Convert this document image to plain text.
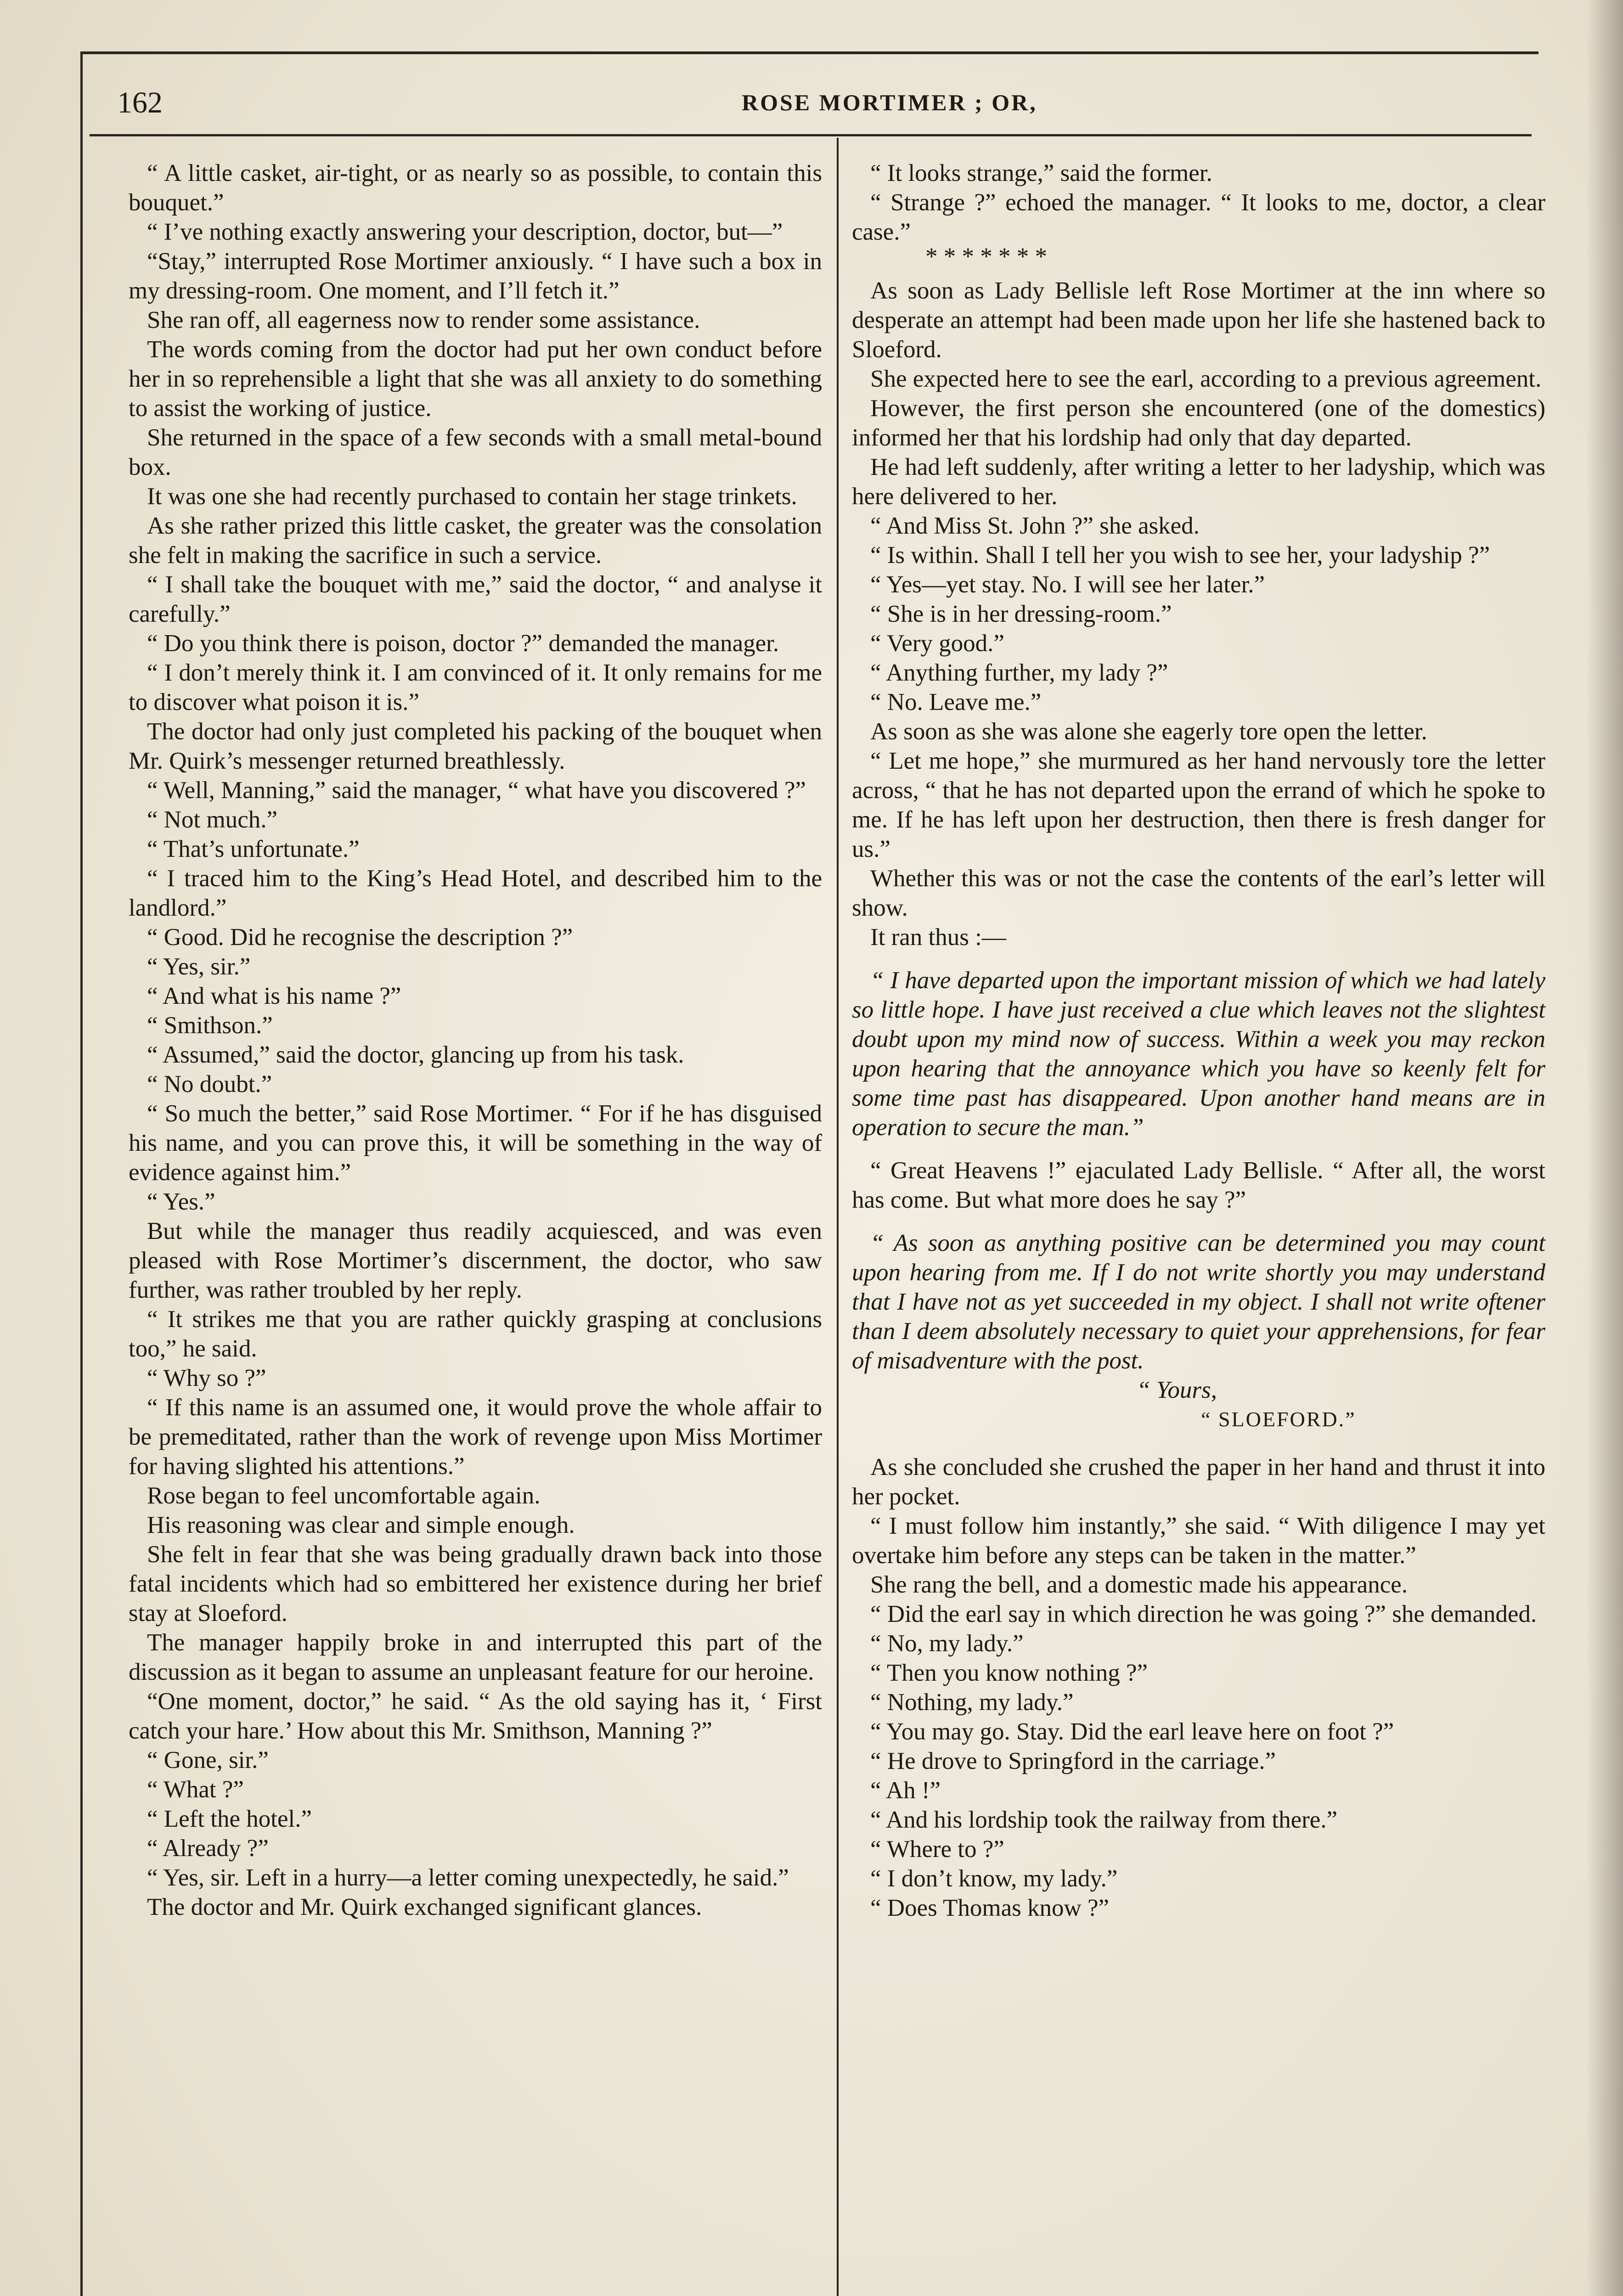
162	ROSE MORTIMER ; OR,

“ A little casket, air-tight, or as nearly so as possible, to contain this bouquet.”

“ I’ve nothing exactly answering your description, doctor, but—”

“Stay,” interrupted Rose Mortimer anxiously. “ I have such a box in my dressing-room. One moment, and I’ll fetch it.”

She ran off, all eagerness now to render some assistance.

The words coming from the doctor had put her own conduct before her in so reprehensible a light that she was all anxiety to do something to assist the working of justice.

She returned in the space of a few seconds with a small metal-bound box.

It was one she had recently purchased to contain her stage trinkets.

As she rather prized this little casket, the greater was the consolation she felt in making the sacrifice in such a service.

“ I shall take the bouquet with me,” said the doctor, “ and analyse it carefully.”

“ Do you think there is poison, doctor ?” demanded the manager.

“ I don’t merely think it. I am convinced of it. It only remains for me to discover what poison it is.”

The doctor had only just completed his packing of the bouquet when Mr. Quirk’s messenger returned breathlessly.

“ Well, Manning,” said the manager, “ what have you discovered ?”

“ Not much.”

“ That’s unfortunate.”

“ I traced him to the King’s Head Hotel, and described him to the landlord.”

“ Good. Did he recognise the description ?”

“ Yes, sir.”

“ And what is his name ?”

“ Smithson.”

“ Assumed,” said the doctor, glancing up from his task.

“ No doubt.”

“ So much the better,” said Rose Mortimer. “ For if he has disguised his name, and you can prove this, it will be something in the way of evidence against him.”

“ Yes.”

But while the manager thus readily acquiesced, and was even pleased with Rose Mortimer’s discernment, the doctor, who saw further, was rather troubled by her reply.

“ It strikes me that you are rather quickly grasping at conclusions too,” he said.

“ Why so ?”

“ If this name is an assumed one, it would prove the whole affair to be premeditated, rather than the work of revenge upon Miss Mortimer for having slighted his attentions.”

Rose began to feel uncomfortable again.

His reasoning was clear and simple enough.

She felt in fear that she was being gradually drawn back into those fatal incidents which had so embittered her existence during her brief stay at Sloeford.

The manager happily broke in and interrupted this part of the discussion as it began to assume an unpleasant feature for our heroine.

“One moment, doctor,” he said. “ As the old saying has it, ‘ First catch your hare.’ How about this Mr. Smithson, Manning ?”

“ Gone, sir.”

“ What ?”

“ Left the hotel.”

“ Already ?”

“ Yes, sir. Left in a hurry—a letter coming unexpectedly, he said.”

The doctor and Mr. Quirk exchanged significant glances.

“ It looks strange,” said the former.

“ Strange ?” echoed the manager. “ It looks to me, doctor, a clear case.”

* * * * * * *

As soon as Lady Bellisle left Rose Mortimer at the inn where so desperate an attempt had been made upon her life she hastened back to Sloeford.

She expected here to see the earl, according to a previous agreement.

However, the first person she encountered (one of the domestics) informed her that his lordship had only that day departed.

He had left suddenly, after writing a letter to her ladyship, which was here delivered to her.

“ And Miss St. John ?” she asked.

“ Is within. Shall I tell her you wish to see her, your ladyship ?”

“ Yes—yet stay. No. I will see her later.”

“ She is in her dressing-room.”

“ Very good.”

“ Anything further, my lady ?”

“ No. Leave me.”

As soon as she was alone she eagerly tore open the letter.

“ Let me hope,” she murmured as her hand nervously tore the letter across, “ that he has not departed upon the errand of which he spoke to me. If he has left upon her destruction, then there is fresh danger for us.”

Whether this was or not the case the contents of the earl’s letter will show.

It ran thus :—

“ I have departed upon the important mission of which we had lately so little hope. I have just received a clue which leaves not the slightest doubt upon my mind now of success. Within a week you may reckon upon hearing that the annoyance which you have so keenly felt for some time past has disappeared. Upon another hand means are in operation to secure the man.”

“ Great Heavens !” ejaculated Lady Bellisle. “ After all, the worst has come. But what more does he say ?”

“ As soon as anything positive can be determined you may count upon hearing from me. If I do not write shortly you may understand that I have not as yet succeeded in my object. I shall not write oftener than I deem absolutely necessary to quiet your apprehensions, for fear of misadventure with the post.

“ Yours,

“ SLOEFORD.”

As she concluded she crushed the paper in her hand and thrust it into her pocket.

“ I must follow him instantly,” she said. “ With diligence I may yet overtake him before any steps can be taken in the matter.”

She rang the bell, and a domestic made his appearance.

“ Did the earl say in which direction he was going ?” she demanded.

“ No, my lady.”

“ Then you know nothing ?”

“ Nothing, my lady.”

“ You may go. Stay. Did the earl leave here on foot ?”

“ He drove to Springford in the carriage.”

“ Ah !”

“ And his lordship took the railway from there.”

“ Where to ?”

“ I don’t know, my lady.”

“ Does Thomas know ?”
